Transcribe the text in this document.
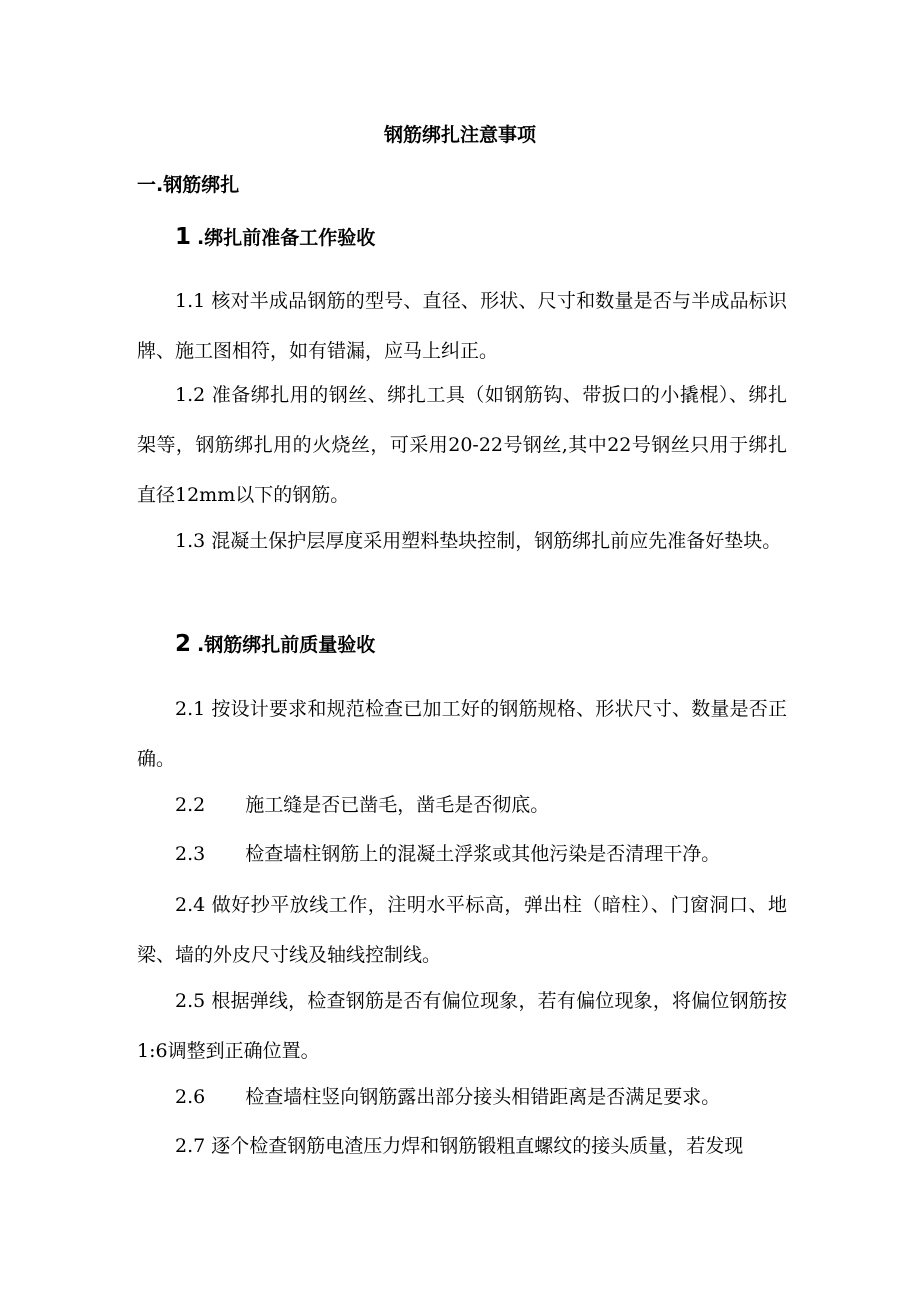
钢筋绑扎注意事项
一.钢筋绑扎
1 .绑扎前准备工作验收
1.1 核对半成品钢筋的型号、直径、形状、尺寸和数量是否与半成品标识牌、施工图相符，如有错漏，应马上纠正。
1.2 准备绑扎用的钢丝、绑扎工具（如钢筋钩、带扳口的小撬棍）、绑扎架等，钢筋绑扎用的火烧丝，可采用20-22号钢丝,其中22号钢丝只用于绑扎直径12mm以下的钢筋。
1.3 混凝土保护层厚度采用塑料垫块控制，钢筋绑扎前应先准备好垫块。
2 .钢筋绑扎前质量验收
2.1 按设计要求和规范检查已加工好的钢筋规格、形状尺寸、数量是否正确。
2.2 施工缝是否已凿毛，凿毛是否彻底。
2.3 检查墙柱钢筋上的混凝土浮浆或其他污染是否清理干净。
2.4 做好抄平放线工作，注明水平标高，弹出柱（暗柱）、门窗洞口、地梁、墙的外皮尺寸线及轴线控制线。
2.5 根据弹线，检查钢筋是否有偏位现象，若有偏位现象，将偏位钢筋按1:6调整到正确位置。
2.6 检查墙柱竖向钢筋露出部分接头相错距离是否满足要求。
2.7 逐个检查钢筋电渣压力焊和钢筋锻粗直螺纹的接头质量，若发现
